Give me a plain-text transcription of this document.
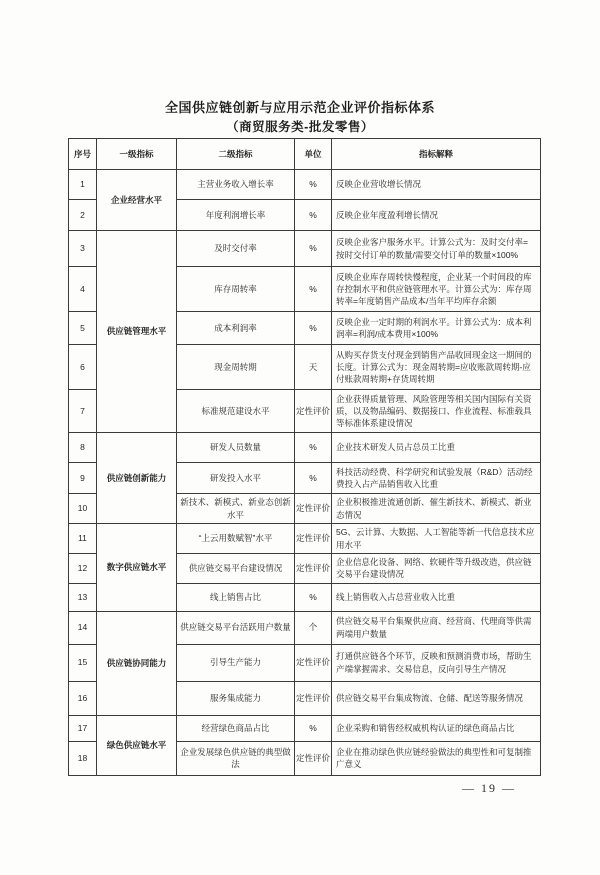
全国供应链创新与应用示范企业评价指标体系
（商贸服务类-批发零售）
序号	一级指标	二级指标	单位	指标解释
1	企业经营水平	主营业务收入增长率	%	反映企业营收增长情况
2		年度利润增长率	%	反映企业年度盈利增长情况
3	供应链管理水平	及时交付率	%	反映企业客户服务水平。计算公式为：及时交付率=按时交付订单的数量/需要交付订单的数量×100%
4		库存周转率	%	反映企业库存周转快慢程度，企业某一个时间段的库存控制水平和供应链管理水平。计算公式为：库存周转率=年度销售产品成本/当年平均库存余额
5		成本利润率	%	反映企业一定时期的利润水平。计算公式为：成本利润率=利润/成本费用×100%
6		现金周转期	天	从购买存货支付现金到销售产品收回现金这一期间的长度。计算公式为：现金周转期=应收账款周转期-应付账款周转期+存货周转期
7		标准规范建设水平	定性评价	企业获得质量管理、风险管理等相关国内国际有关资质，以及物品编码、数据接口、作业流程、标准载具等标准体系建设情况
8	供应链创新能力	研发人员数量	%	企业技术研发人员占总员工比重
9		研发投入水平	%	科技活动经费、科学研究和试验发展（R&D）活动经费投入占产品销售收入比重
10		新技术、新模式、新业态创新水平	定性评价	企业积极推进流通创新、催生新技术、新模式、新业态情况
11	数字供应链水平	“上云用数赋智”水平	定性评价	5G、云计算、大数据、人工智能等新一代信息技术应用水平
12		供应链交易平台建设情况	定性评价	企业信息化设备、网络、软硬件等升级改造，供应链交易平台建设情况
13		线上销售占比	%	线上销售收入占总营业收入比重
14	供应链协同能力	供应链交易平台活跃用户数量	个	供应链交易平台集聚供应商、经营商、代理商等供需两端用户数量
15		引导生产能力	定性评价	打通供应链各个环节，反映和预测消费市场，帮助生产端掌握需求、交易信息，反向引导生产情况
16		服务集成能力	定性评价	供应链交易平台集成物流、仓储、配送等服务情况
17	绿色供应链水平	经营绿色商品占比	%	企业采购和销售经权威机构认证的绿色商品占比
18		企业发展绿色供应链的典型做法	定性评价	企业在推动绿色供应链经验做法的典型性和可复制推广意义
— 19 —
